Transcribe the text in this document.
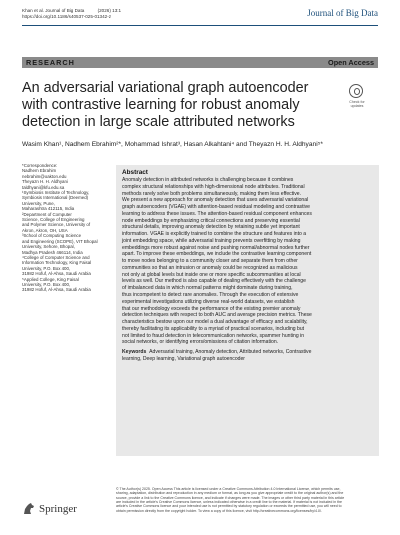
Khan et al. Journal of Big Data	(2026) 13:1
https://doi.org/10.1186/s40537-025-01342-z	Journal of Big Data
RESEARCH	Open Access
An adversarial variational graph autoencoder with contrastive learning for robust anomaly detection in large scale attributed networks
Check for updates
Wasim Khan¹, Nadhem Ebrahim²*, Mohammad Ishrat³, Hasan Alkahtani⁴ and Theyazn H. H. Aldhyani⁵*
*Correspondence:
Nadhem Ebrahim
nebrahim@oakton.edu
Theyazn H. H. Aldhyani
taldhyani@kfu.edu.sa
¹Symbiosis Institute of Technology,
Symbiosis International (Deemed)
University, Pune,
Maharashtra 412115, India
²Department of Computer
Science, College of Engineering
and Polymer Science, University of
Akron, Akron, OH, USA
³School of Computing Science
and Engineering (SCOPE), VIT Bhopal
University, Sehore, Bhopal,
Madhya Pradesh 466114, India
⁴College of Computer Science and
Information Technology, King Faisal
University, P.O. Box 400,
31982 Hofuf, Al-Ahsa, Saudi Arabia
⁵Applied College, King Faisal
University, P.O. Box 400,
31982 Hofuf, Al-Ahsa, Saudi Arabia
Abstract
Anomaly detection in attributed networks is challenging because it combines
complex structural relationships with high-dimensional node attributes. Traditional
methods rarely solve both problems simultaneously, making them less effective.
We present a new approach for anomaly detection that uses adversarial variational
graph autoencoders (VGAE) with attention-based residual modeling and contrastive
learning to address these issues. The attention-based residual component enhances
node embeddings by emphasizing critical connections and preserving essential
structural details, improving anomaly detection by retaining subtle yet important
information. VGAE is explicitly trained to combine the structure and features into a
joint embedding space, while adversarial training prevents overfitting by making
embeddings more robust against noise and pushing normal/abnormal nodes further
apart. To improve these embeddings, we include the contrastive learning component
to move nodes belonging to a community closer and separate them from other
communities so that an intrusion or anomaly could be recognized as malicious
not only at global levels but inside one or more specific subcommunities at local
levels as well. Our method is also capable of dealing effectively with the challenge
of imbalanced data in which normal patterns might dominate during training,
thus incompetent to detect rare anomalies. Through the execution of extensive
experimental investigations utilizing diverse real-world datasets, we establish
that our methodology exceeds the performance of the existing premier anomaly
detection techniques with respect to both AUC and average precision metrics. These
characteristics bestow upon our model a dual advantage of efficacy and scalability,
thereby facilitating its applicability to a myriad of practical scenarios, including but
not limited to fraud detection in telecommunication networks, spammer hunting in
social networks, or identifying errors/omissions of citation information.
Keywords Adversarial training, Anomaly detection, Attributed networks, Contrastive
learning, Deep learning, Variational graph autoencoder
Springer
© The Author(s) 2025. Open Access This article is licensed under a Creative Commons Attribution 4.0 International License, which permits use,
sharing, adaptation, distribution and reproduction in any medium or format, as long as you give appropriate credit to the original author(s) and the
source, provide a link to the Creative Commons licence, and indicate if changes were made. The images or other third party material in this article
are included in the article's Creative Commons licence, unless indicated otherwise in a credit line to the material. If material is not included in the
article's Creative Commons licence and your intended use is not permitted by statutory regulation or exceeds the permitted use, you will need to
obtain permission directly from the copyright holder. To view a copy of this licence, visit http://creativecommons.org/licenses/by/4.0/.
